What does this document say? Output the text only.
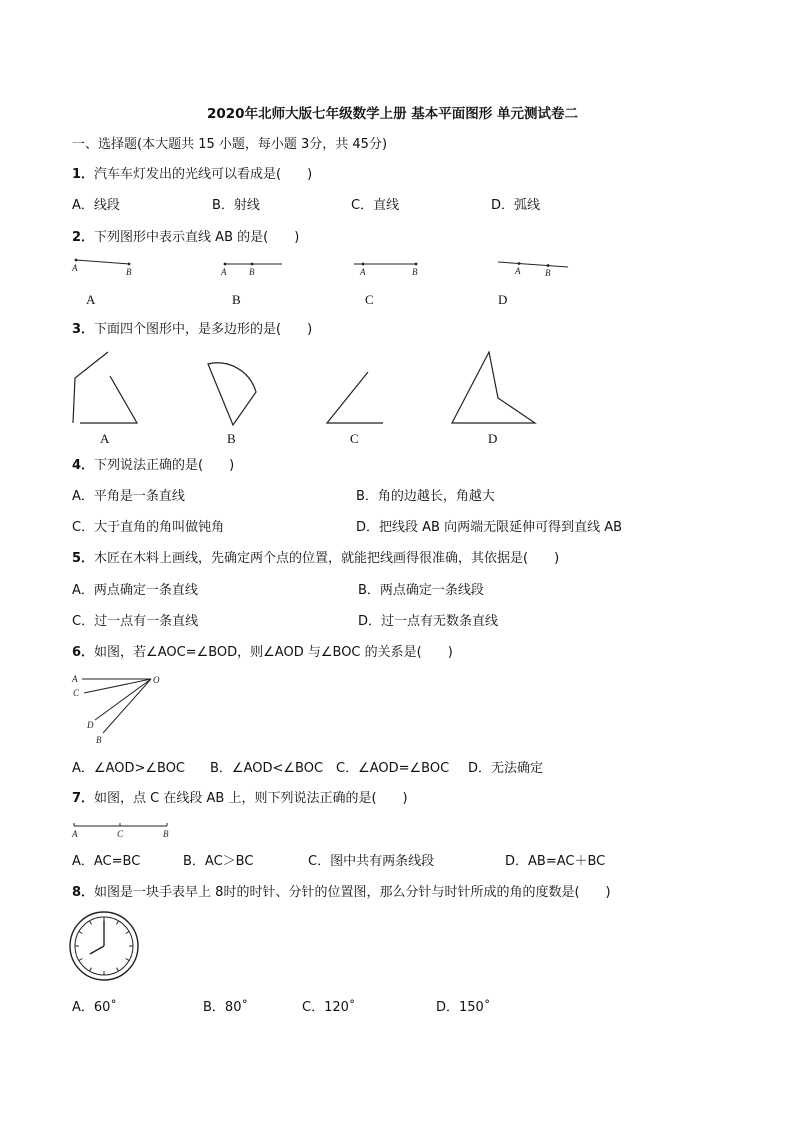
2020年北师大版七年级数学上册 基本平面图形 单元测试卷二
一、选择题(本大题共 15 小题，每小题 3分，共 45分)
1．汽车车灯发出的光线可以看成是(　　)
A．线段	B．射线	C．直线	D．弧线
2．下列图形中表示直线 AB 的是(　　)
A	B	A	B	A	B	A	B
A	B	C	D
3．下面四个图形中，是多边形的是(　　)
A	B	C	D
4．下列说法正确的是(　　)
A．平角是一条直线	B．角的边越长，角越大
C．大于直角的角叫做钝角	D．把线段 AB 向两端无限延伸可得到直线 AB
5．木匠在木料上画线，先确定两个点的位置，就能把线画得很准确，其依据是(　　)
A．两点确定一条直线	B．两点确定一条线段
C．过一点有一条直线	D．过一点有无数条直线
6．如图，若∠AOC=∠BOD，则∠AOD 与∠BOC 的关系是(　　)
A
C
D
B
O
A．∠AOD>∠BOC B．∠AOD<∠BOC C．∠AOD=∠BOC D．无法确定
7．如图，点 C 在线段 AB 上，则下列说法正确的是(　　)
A	C	B
A．AC=BC	B．AC＞BC	C．图中共有两条线段	D．AB=AC＋BC
8．如图是一块手表早上 8时的时针、分针的位置图，那么分针与时针所成的角的度数是(　　)
A．60˚	B．80˚	C．120˚	D．150˚
